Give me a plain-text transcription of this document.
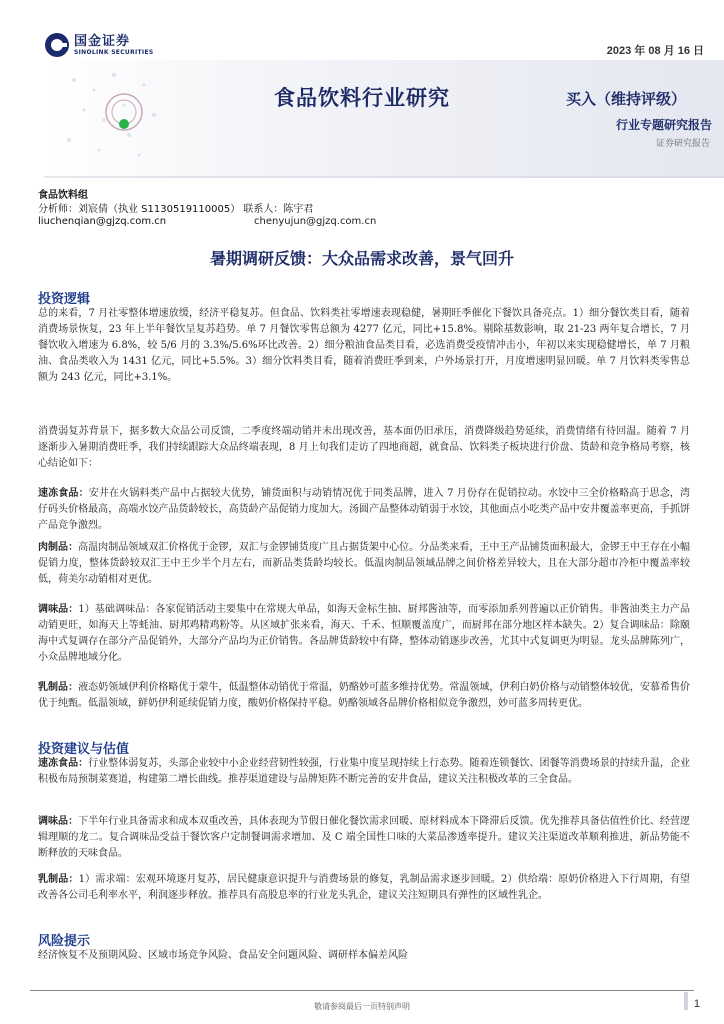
国金证券
SINOLINK SECURITIES	2023 年 08 月 16 日
食品饮料行业研究	买入（维持评级）
行业专题研究报告
证券研究报告
食品饮料组
分析师：刘宸倩（执业 S1130519110005） 联系人：陈宇君
liuchenqian@gjzq.com.cn	chenyujun@gjzq.com.cn
暑期调研反馈：大众品需求改善，景气回升
投资逻辑
总的来看，7 月社零整体增速放缓，经济平稳复苏。但食品、饮料类社零增速表现稳健，暑期旺季催化下餐饮具备亮点。1）细分餐饮类目看，随着消费场景恢复，23 年上半年餐饮呈复苏趋势。单 7 月餐饮零售总额为 4277 亿元，同比+15.8%。剔除基数影响，取 21-23 两年复合增长，7 月餐饮收入增速为 6.8%，较 5/6 月的 3.3%/5.6%环比改善。2）细分粮油食品类目看，必选消费受疫情冲击小，年初以来实现稳健增长，单 7 月粮油、食品类收入为 1431 亿元，同比+5.5%。3）细分饮料类目看，随着消费旺季到来，户外场景打开，月度增速明显回暖。单 7 月饮料类零售总额为 243 亿元，同比+3.1%。
消费弱复苏背景下，据多数大众品公司反馈，二季度终端动销并未出现改善，基本面仍旧承压，消费降级趋势延续，消费情绪有待回温。随着 7 月逐渐步入暑期消费旺季，我们持续跟踪大众品终端表现，8 月上旬我们走访了四地商超，就食品、饮料类子板块进行价盘、货龄和竞争格局考察，核心结论如下：
速冻食品：安井在火锅料类产品中占据较大优势，铺货面积与动销情况优于同类品牌，进入 7 月份存在促销拉动。水饺中三全价格略高于思念，湾仔码头价格最高，高端水饺产品货龄较长，高货龄产品促销力度加大。汤圆产品整体动销弱于水饺，其他面点小吃类产品中安井覆盖率更高，手抓饼产品竞争激烈。
肉制品：高温肉制品领域双汇价格优于金锣，双汇与金锣铺货度广且占据货架中心位。分品类来看，王中王产品铺货面积最大，金锣王中王存在小幅促销力度，整体货龄较双汇王中王少半个月左右，而新品类货龄均较长。低温肉制品领域品牌之间价格差异较大，且在大部分超市冷柜中覆盖率较低，荷美尔动销相对更优。
调味品：1）基础调味品：各家促销活动主要集中在常规大单品，如海天金标生抽、厨邦酱油等，而零添加系列普遍以正价销售。非酱油类主力产品动销更旺，如海天上等蚝油、厨邦鸡精鸡粉等。从区域扩张来看，海天、千禾、恒顺覆盖度广，而厨邦在部分地区样本缺失。2）复合调味品：除颐海中式复调存在部分产品促销外，大部分产品均为正价销售。各品牌货龄较中有降，整体动销逐步改善，尤其中式复调更为明显。龙头品牌陈列广，小众品牌地域分化。
乳制品：液态奶领域伊利价格略优于蒙牛，低温整体动销优于常温，奶酪妙可蓝多维持优势。常温领域，伊利白奶价格与动销整体较优，安慕希售价优于纯甄。低温领域，鲜奶伊利延续促销力度，酸奶价格保持平稳。奶酪领域各品牌价格相似竞争激烈，妙可蓝多周转更优。
投资建议与估值
速冻食品：行业整体弱复苏，头部企业较中小企业经营韧性较强，行业集中度呈现持续上行态势。随着连锁餐饮、团餐等消费场景的持续升温，企业积极布局预制菜赛道，构建第二增长曲线。推荐渠道建设与品牌矩阵不断完善的安井食品，建议关注积极改革的三全食品。
调味品：下半年行业具备需求和成本双重改善，具体表现为节假日催化餐饮需求回暖、原材料成本下降滞后反馈。优先推荐具备估值性价比、经营逻辑理顺的龙二。复合调味品受益于餐饮客户定制餐调需求增加、及 C 端全国性口味的大菜品渗透率提升。建议关注渠道改革顺利推进，新品势能不断释放的天味食品。
乳制品：1）需求端：宏观环境逐月复苏，居民健康意识提升与消费场景的修复，乳制品需求逐步回暖。2）供给端：原奶价格进入下行周期，有望改善各公司毛利率水平，利润逐步释放。推荐具有高股息率的行业龙头乳企，建议关注短期具有弹性的区域性乳企。
风险提示
经济恢复不及预期风险、区域市场竞争风险、食品安全问题风险、调研样本偏差风险
敬请参阅最后一页特别声明	1
